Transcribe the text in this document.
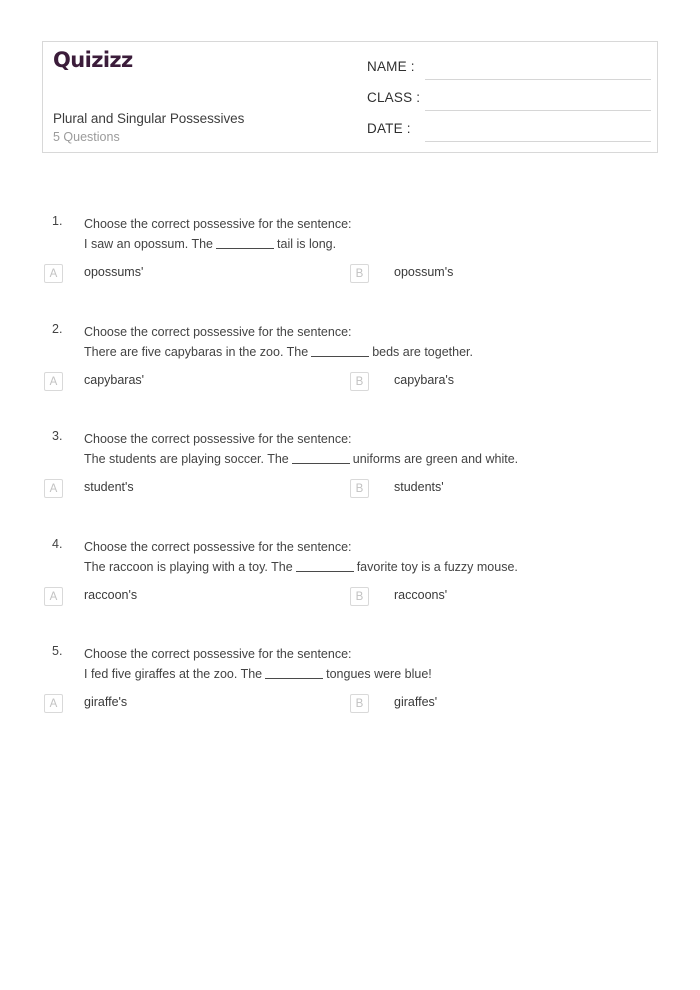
Quizizz
Plural and Singular Possessives
5 Questions
NAME :
CLASS :
DATE :
1.	Choose the correct possessive for the sentence:
I saw an opossum. The	tail is long.
A	opossums'	B	opossum's
2.	Choose the correct possessive for the sentence:
There are five capybaras in the zoo. The	beds are together.
A	capybaras'	B	capybara's
3.	Choose the correct possessive for the sentence:
The students are playing soccer. The	uniforms are green and white.
A	student's	B	students'
4.	Choose the correct possessive for the sentence:
The raccoon is playing with a toy. The	favorite toy is a fuzzy mouse.
A	raccoon's	B	raccoons'
5.	Choose the correct possessive for the sentence:
I fed five giraffes at the zoo. The	tongues were blue!
A	giraffe's	B	giraffes'
